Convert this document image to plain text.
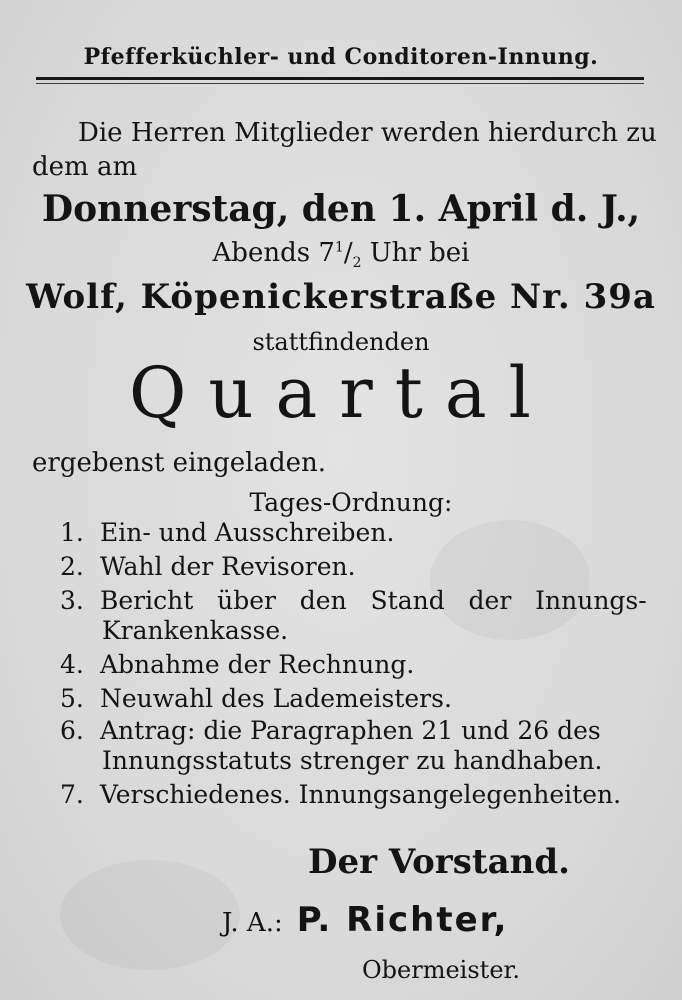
Pfefferküchler- und Conditoren-Innung.
Die Herren Mitglieder werden hierdurch zu
dem am
Donnerstag, den 1. April d. J.,
Abends $7^1/_2$ Uhr bei
Wolf, Köpenickerstraße Nr. 39a
stattfindenden
Quartal
ergebenst eingeladen.
Tages-Ordnung:
1. Ein- und Ausschreiben.
2. Wahl der Revisoren.
3. Bericht   über   den   Stand   der   Innungs-
Krankenkasse.
4. Abnahme der Rechnung.
5. Neuwahl des Lademeisters.
6. Antrag: die Paragraphen 21 und 26 des
Innungsstatuts strenger zu handhaben.
7. Verschiedenes. Innungsangelegenheiten.
Der Vorstand.
J. A.: P. Richter,
Obermeister.
